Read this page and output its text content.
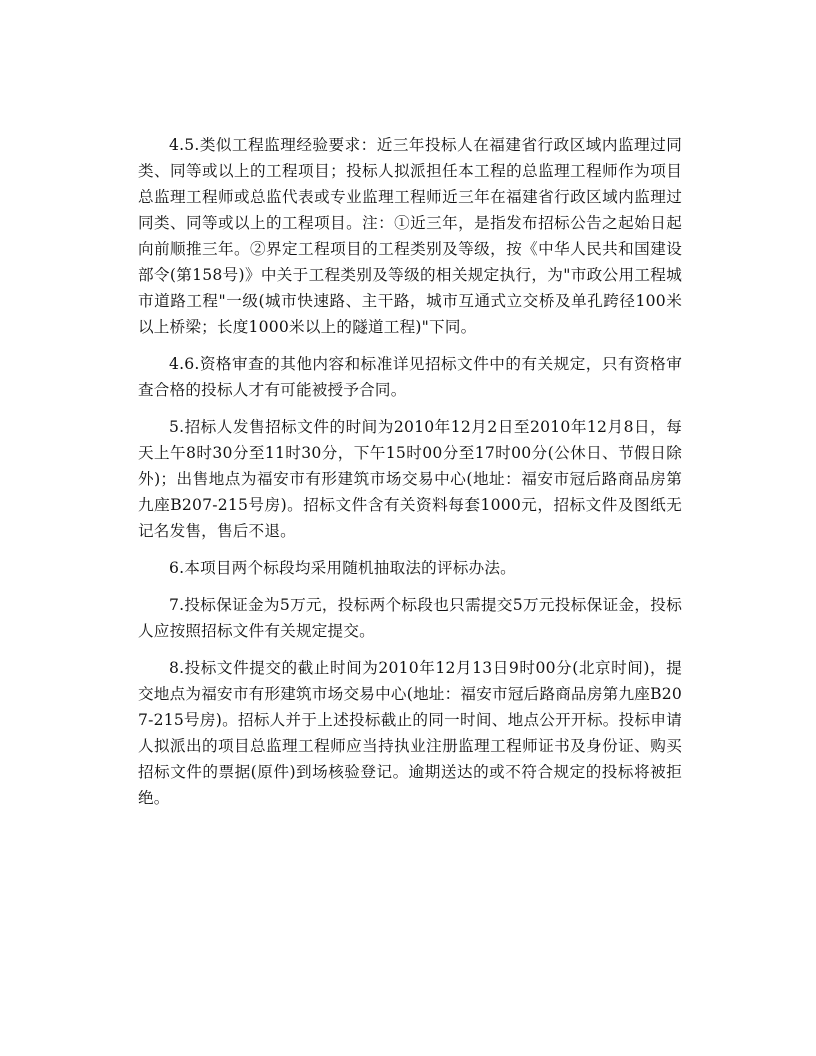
4.5.类似工程监理经验要求：近三年投标人在福建省行政区域内监理过同类、同等或以上的工程项目；投标人拟派担任本工程的总监理工程师作为项目总监理工程师或总监代表或专业监理工程师近三年在福建省行政区域内监理过同类、同等或以上的工程项目。注：①近三年，是指发布招标公告之起始日起向前顺推三年。②界定工程项目的工程类别及等级，按《中华人民共和国建设部令(第158号)》中关于工程类别及等级的相关规定执行，为"市政公用工程城市道路工程"一级(城市快速路、主干路，城市互通式立交桥及单孔跨径100米以上桥梁；长度1000米以上的隧道工程)"下同。

4.6.资格审查的其他内容和标准详见招标文件中的有关规定，只有资格审查合格的投标人才有可能被授予合同。

5.招标人发售招标文件的时间为2010年12月2日至2010年12月8日，每天上午8时30分至11时30分，下午15时00分至17时00分(公休日、节假日除外)；出售地点为福安市有形建筑市场交易中心(地址：福安市冠后路商品房第九座B207-215号房)。招标文件含有关资料每套1000元，招标文件及图纸无记名发售，售后不退。

6.本项目两个标段均采用随机抽取法的评标办法。

7.投标保证金为5万元，投标两个标段也只需提交5万元投标保证金，投标人应按照招标文件有关规定提交。

8.投标文件提交的截止时间为2010年12月13日9时00分(北京时间)，提交地点为福安市有形建筑市场交易中心(地址：福安市冠后路商品房第九座B207-215号房)。招标人并于上述投标截止的同一时间、地点公开开标。投标申请人拟派出的项目总监理工程师应当持执业注册监理工程师证书及身份证、购买招标文件的票据(原件)到场核验登记。逾期送达的或不符合规定的投标将被拒绝。
